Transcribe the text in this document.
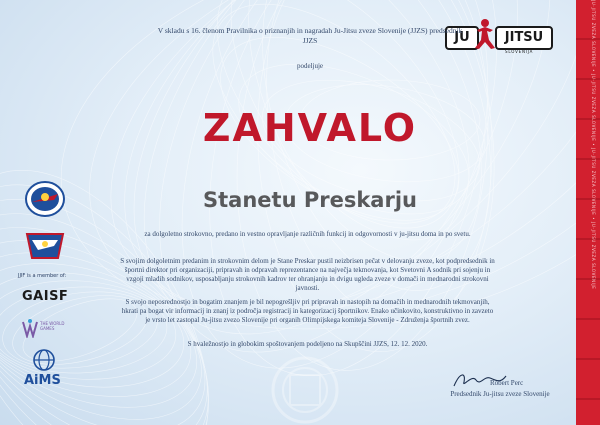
JU-JITSU ZVEZA SLOVENIJE • JU-JITSU ZVEZA SLOVENIJE • JU-JITSU ZVEZA SLOVENIJE • JU-JITSU ZVEZA SLOVENIJE
JU	JITSU
SLOVENIJA
V skladu s 16. členom Pravilnika o priznanjih in nagradah Ju-Jitsu zveze Slovenije (JJZS) predsednik JJZS
podeljuje
ZAHVALO
Stanetu Preskarju
za dolgoletno strokovno, predano in vestno opravljanje različnih funkcij in odgovornosti v ju-jitsu doma in po svetu.
S svojim dolgoletnim predanim in strokovnim delom je Stane Preskar pustil neizbrisen pečat v delovanju zveze, kot podpredsednik in športni direktor pri organizaciji, pripravah in odpravah reprezentance na največja tekmovanja, kot Svetovni A sodnik pri sojenju in vzgoji mladih sodnikov, usposabljanju strokovnih kadrov ter ohranjanju in dvigu ugleda zveze v domači in mednarodni strokovni javnosti.
S svojo neposrednostjo in bogatim znanjem je bil nepogrešljiv pri pripravah in nastopih na domačih in mednarodnih tekmovanjih, hkrati pa bogat vir informacij in znanj iz področja registracij in kategorizacij športnikov. Enako učinkovito, konstruktivno in zavzeto je vrsto let zastopal Ju-jitsu zvezo Slovenije pri organih Olimpijskega komiteja Slovenije - Združenja športnih zvez.
S hvaležnostjo in globokim spoštovanjem podeljeno na Skupščini JJZS, 12. 12. 2020.
Robert Perc
Predsednik Ju-jitsu zveze Slovenije
JJIF is a member of:
GAISF
THE WORLD GAMES
AiMS
